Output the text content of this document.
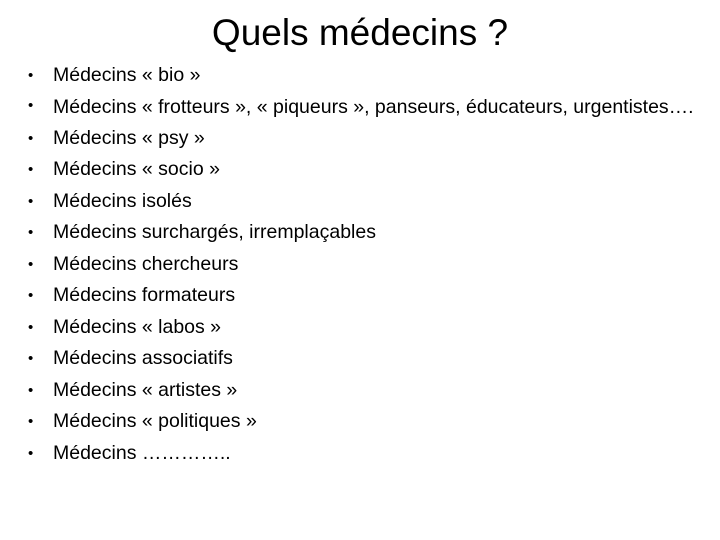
Quels médecins ?
• Médecins « bio »
• Médecins « frotteurs », « piqueurs », panseurs, éducateurs, urgentistes….
• Médecins « psy »
• Médecins « socio »
• Médecins isolés
• Médecins surchargés, irremplaçables
• Médecins chercheurs
• Médecins formateurs
• Médecins « labos »
• Médecins associatifs
• Médecins « artistes »
• Médecins « politiques »
• Médecins …………..
